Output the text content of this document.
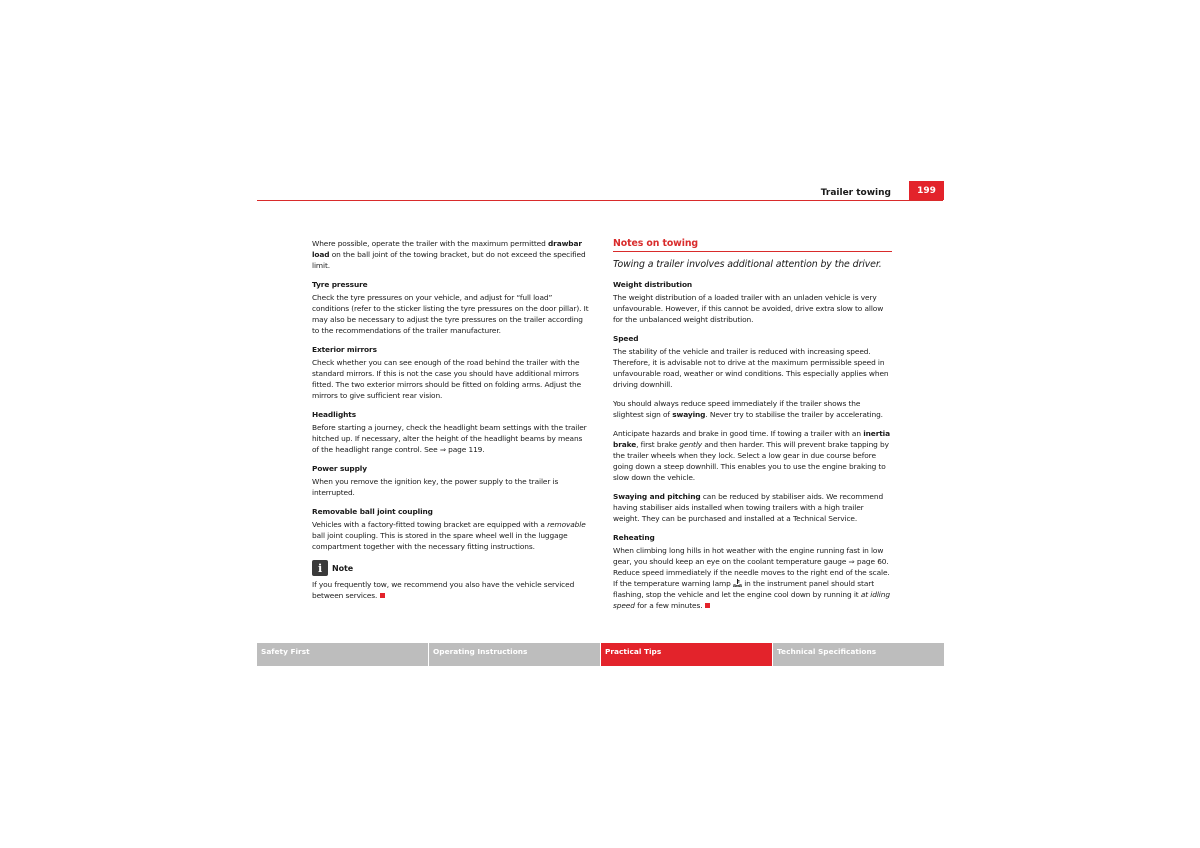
Trailer towing	199

Where possible, operate the trailer with the maximum permitted drawbar load on the ball joint of the towing bracket, but do not exceed the specified limit.

Tyre pressure

Check the tyre pressures on your vehicle, and adjust for “full load” conditions (refer to the sticker listing the tyre pressures on the door pillar). It may also be necessary to adjust the tyre pressures on the trailer according to the recommendations of the trailer manufacturer.

Exterior mirrors

Check whether you can see enough of the road behind the trailer with the standard mirrors. If this is not the case you should have additional mirrors fitted. The two exterior mirrors should be fitted on folding arms. Adjust the mirrors to give sufficient rear vision.

Headlights

Before starting a journey, check the headlight beam settings with the trailer hitched up. If necessary, alter the height of the headlight beams by means of the headlight range control. See ⇒ page 119.

Power supply

When you remove the ignition key, the power supply to the trailer is interrupted.

Removable ball joint coupling

Vehicles with a factory-fitted towing bracket are equipped with a removable ball joint coupling. This is stored in the spare wheel well in the luggage compartment together with the necessary fitting instructions.

i	Note

If you frequently tow, we recommend you also have the vehicle serviced between services.

Notes on towing
Towing a trailer involves additional attention by the driver.
Weight distribution

The weight distribution of a loaded trailer with an unladen vehicle is very unfavourable. However, if this cannot be avoided, drive extra slow to allow for the unbalanced weight distribution.

Speed

The stability of the vehicle and trailer is reduced with increasing speed. Therefore, it is advisable not to drive at the maximum permissible speed in unfavourable road, weather or wind conditions. This especially applies when driving downhill.

You should always reduce speed immediately if the trailer shows the slightest sign of swaying. Never try to stabilise the trailer by accelerating.

Anticipate hazards and brake in good time. If towing a trailer with an inertia brake, first brake gently and then harder. This will prevent brake tapping by the trailer wheels when they lock. Select a low gear in due course before going down a steep downhill. This enables you to use the engine braking to slow down the vehicle.

Swaying and pitching can be reduced by stabiliser aids. We recommend having stabiliser aids installed when towing trailers with a high trailer weight. They can be purchased and installed at a Technical Service.

Reheating

When climbing long hills in hot weather with the engine running fast in low gear, you should keep an eye on the coolant temperature gauge ⇒ page 60. Reduce speed immediately if the needle moves to the right end of the scale. If the temperature warning lamp  in the instrument panel should start flashing, stop the vehicle and let the engine cool down by running it at idling speed for a few minutes.

Safety First	Operating Instructions	Practical Tips	Technical Specifications
